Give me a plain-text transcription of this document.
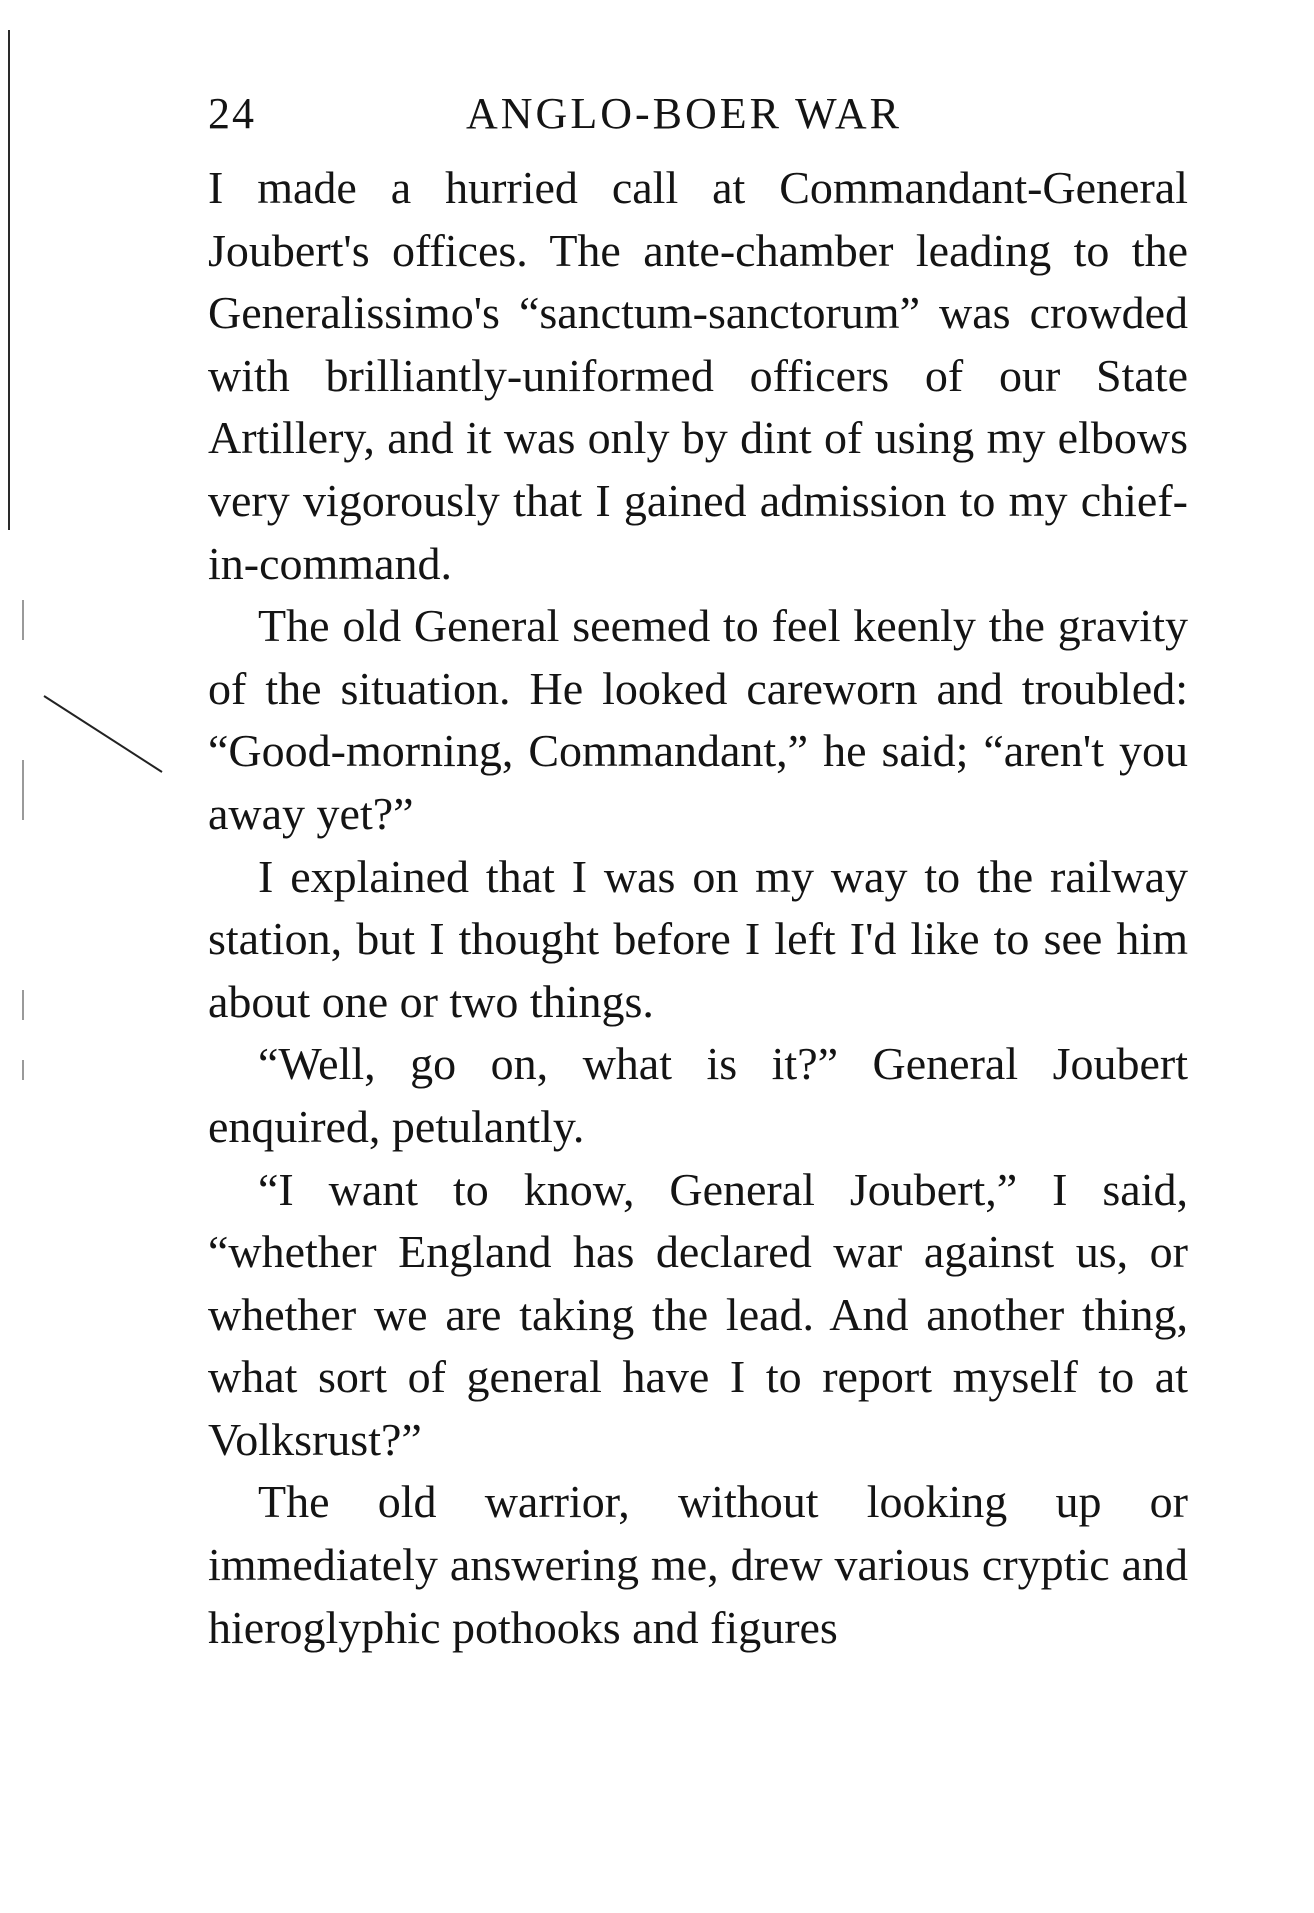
24	ANGLO-BOER WAR

I made a hurried call at Commandant-General Joubert's offices. The ante-chamber leading to the Generalissimo's “sanctum-sanctorum” was crowded with brilliantly-uniformed officers of our State Artillery, and it was only by dint of using my elbows very vigorously that I gained admission to my chief-in-command.

The old General seemed to feel keenly the gravity of the situation. He looked careworn and troubled: “Good-morning, Commandant,” he said; “aren't you away yet?”

I explained that I was on my way to the railway station, but I thought before I left I'd like to see him about one or two things.

“Well, go on, what is it?” General Joubert enquired, petulantly.

“I want to know, General Joubert,” I said, “whether England has declared war against us, or whether we are taking the lead. And another thing, what sort of general have I to report myself to at Volksrust?”

The old warrior, without looking up or immediately answering me, drew various cryptic and hieroglyphic pothooks and figures
